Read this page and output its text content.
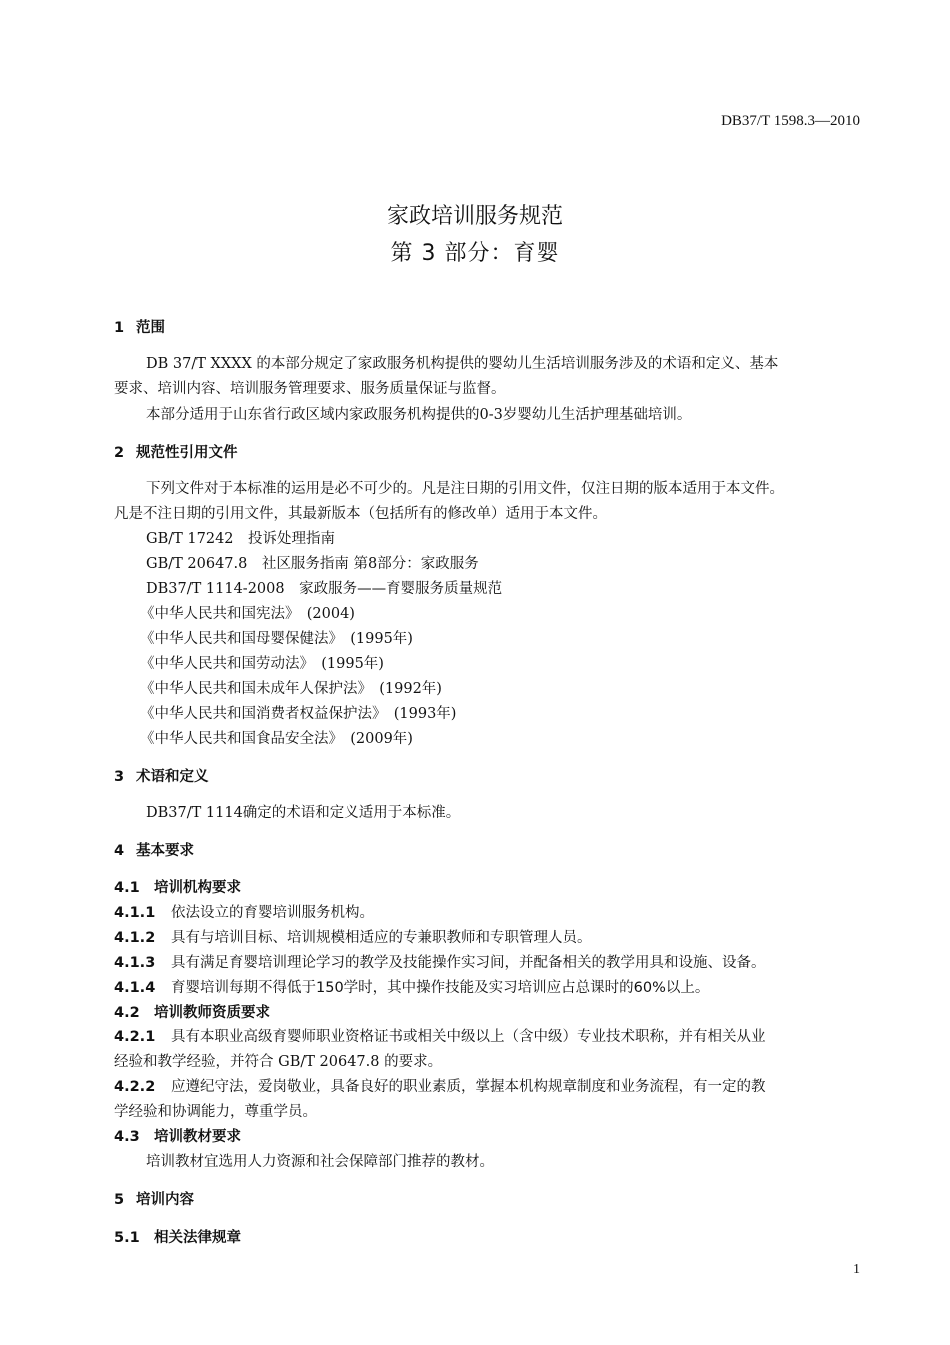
DB37/T 1598.3—2010
家政培训服务规范
第 3 部分：育婴
1 范围
DB 37/T XXXX 的本部分规定了家政服务机构提供的婴幼儿生活培训服务涉及的术语和定义、基本
要求、培训内容、培训服务管理要求、服务质量保证与监督。
本部分适用于山东省行政区域内家政服务机构提供的0-3岁婴幼儿生活护理基础培训。
2 规范性引用文件
下列文件对于本标准的运用是必不可少的。凡是注日期的引用文件，仅注日期的版本适用于本文件。
凡是不注日期的引用文件，其最新版本（包括所有的修改单）适用于本文件。
GB/T 17242　投诉处理指南
GB/T 20647.8　社区服务指南 第8部分：家政服务
DB37/T 1114-2008　家政服务——育婴服务质量规范
《中华人民共和国宪法》　(2004)
《中华人民共和国母婴保健法》　(1995年)
《中华人民共和国劳动法》　(1995年)
《中华人民共和国未成年人保护法》　(1992年)
《中华人民共和国消费者权益保护法》　(1993年)
《中华人民共和国食品安全法》　(2009年)
3 术语和定义
DB37/T 1114确定的术语和定义适用于本标准。
4 基本要求
4.1 培训机构要求
4.1.1 依法设立的育婴培训服务机构。
4.1.2 具有与培训目标、培训规模相适应的专兼职教师和专职管理人员。
4.1.3 具有满足育婴培训理论学习的教学及技能操作实习间，并配备相关的教学用具和设施、设备。
4.1.4 育婴培训每期不得低于150学时，其中操作技能及实习培训应占总课时的60%以上。
4.2 培训教师资质要求
4.2.1 具有本职业高级育婴师职业资格证书或相关中级以上（含中级）专业技术职称，并有相关从业
经验和教学经验，并符合 GB/T 20647.8 的要求。
4.2.2 应遵纪守法，爱岗敬业，具备良好的职业素质，掌握本机构规章制度和业务流程，有一定的教
学经验和协调能力，尊重学员。
4.3 培训教材要求
培训教材宜选用人力资源和社会保障部门推荐的教材。
5 培训内容
5.1 相关法律规章
1
